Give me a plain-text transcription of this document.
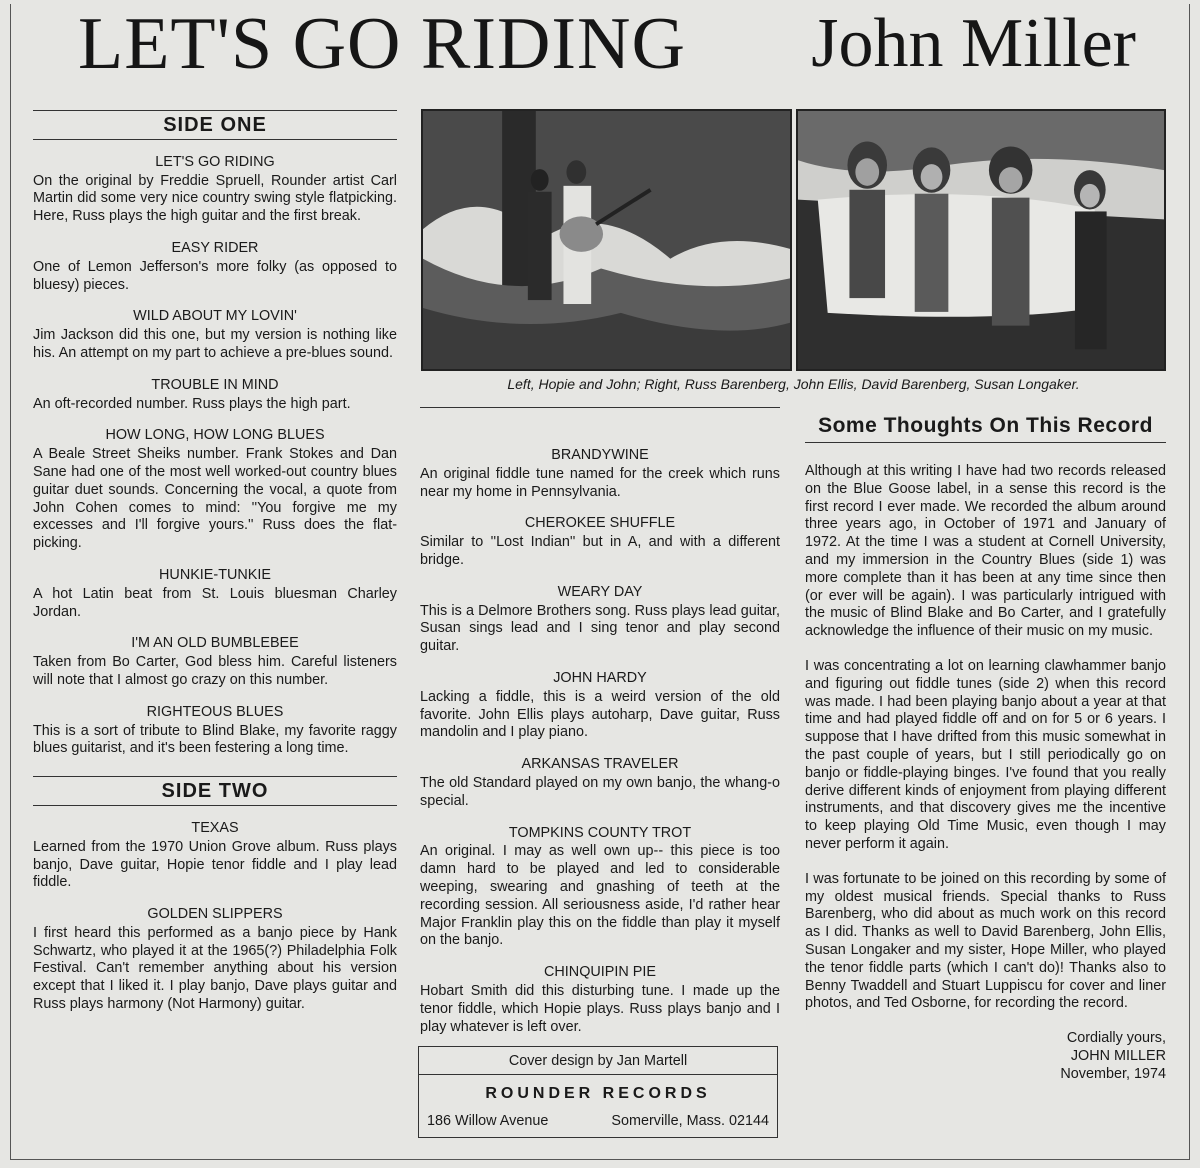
LET'S GO RIDING John Miller
SIDE ONE
LET'S GO RIDING
On the original by Freddie Spruell, Rounder artist Carl Martin did some very nice country swing style flatpicking. Here, Russ plays the high guitar and the first break.
EASY RIDER
One of Lemon Jefferson's more folky (as opposed to bluesy) pieces.
WILD ABOUT MY LOVIN'
Jim Jackson did this one, but my version is nothing like his. An attempt on my part to achieve a pre-blues sound.
TROUBLE IN MIND
An oft-recorded number. Russ plays the high part.
HOW LONG, HOW LONG BLUES
A Beale Street Sheiks number. Frank Stokes and Dan Sane had one of the most well worked-out country blues guitar duet sounds. Concerning the vocal, a quote from John Cohen comes to mind: ''You forgive me my excesses and I'll forgive yours.'' Russ does the flat-picking.
HUNKIE-TUNKIE
A hot Latin beat from St. Louis bluesman Charley Jordan.
I'M AN OLD BUMBLEBEE
Taken from Bo Carter, God bless him. Careful listeners will note that I almost go crazy on this number.
RIGHTEOUS BLUES
This is a sort of tribute to Blind Blake, my favorite raggy blues guitarist, and it's been festering a long time.
SIDE TWO
TEXAS
Learned from the 1970 Union Grove album. Russ plays banjo, Dave guitar, Hopie tenor fiddle and I play lead fiddle.
GOLDEN SLIPPERS
I first heard this performed as a banjo piece by Hank Schwartz, who played it at the 1965(?) Philadelphia Folk Festival. Can't remember anything about his version except that I liked it. I play banjo, Dave plays guitar and Russ plays harmony (Not Harmony) guitar.
Left, Hopie and John; Right, Russ Barenberg, John Ellis, David Barenberg, Susan Longaker.
BRANDYWINE
An original fiddle tune named for the creek which runs near my home in Pennsylvania.
CHEROKEE SHUFFLE
Similar to ''Lost Indian'' but in A, and with a different bridge.
WEARY DAY
This is a Delmore Brothers song. Russ plays lead guitar, Susan sings lead and I sing tenor and play second guitar.
JOHN HARDY
Lacking a fiddle, this is a weird version of the old favorite. John Ellis plays autoharp, Dave guitar, Russ mandolin and I play piano.
ARKANSAS TRAVELER
The old Standard played on my own banjo, the whang-o special.
TOMPKINS COUNTY TROT
An original. I may as well own up-- this piece is too damn hard to be played and led to considerable weeping, swearing and gnashing of teeth at the recording session. All seriousness aside, I'd rather hear Major Franklin play this on the fiddle than play it myself on the banjo.
CHINQUIPIN PIE
Hobart Smith did this disturbing tune. I made up the tenor fiddle, which Hopie plays. Russ plays banjo and I play whatever is left over.
Cover design by Jan Martell
ROUNDER RECORDS
186 Willow Avenue	Somerville, Mass. 02144
Some Thoughts On This Record

Although at this writing I have had two records released on the Blue Goose label, in a sense this record is the first record I ever made. We recorded the album around three years ago, in October of 1971 and January of 1972. At the time I was a student at Cornell University, and my immersion in the Country Blues (side 1) was more complete than it has been at any time since then (or ever will be again). I was particularly intrigued with the music of Blind Blake and Bo Carter, and I gratefully acknowledge the influence of their music on my music.

I was concentrating a lot on learning clawhammer banjo and figuring out fiddle tunes (side 2) when this record was made. I had been playing banjo about a year at that time and had played fiddle off and on for 5 or 6 years. I suppose that I have drifted from this music somewhat in the past couple of years, but I still periodically go on banjo or fiddle-playing binges. I've found that you really derive different kinds of enjoyment from playing different instruments, and that discovery gives me the incentive to keep playing Old Time Music, even though I may never perform it again.

I was fortunate to be joined on this recording by some of my oldest musical friends. Special thanks to Russ Barenberg, who did about as much work on this record as I did. Thanks as well to David Barenberg, John Ellis, Susan Longaker and my sister, Hope Miller, who played the tenor fiddle parts (which I can't do)! Thanks also to Benny Twaddell and Stuart Luppiscu for cover and liner photos, and Ted Osborne, for recording the record.

Cordially yours,
JOHN MILLER
November, 1974
